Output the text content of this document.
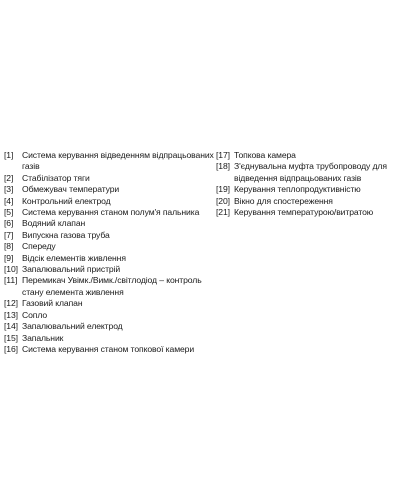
[1]	Система керування відведенням відпрацьованих газів
[2]	Стабілізатор тяги
[3]	Обмежувач температури
[4]	Контрольний електрод
[5]	Система керування станом полум'я пальника
[6]	Водяний клапан
[7]	Випускна газова труба
[8]	Спереду
[9]	Відсік елементів живлення
[10] Запалювальний пристрій
[11] Перемикач Увімк./Вимк./світлодіод – контроль стану елемента живлення
[12] Газовий клапан
[13] Сопло
[14] Запалювальний електрод
[15] Запальник
[16] Система керування станом топкової камери
[17] Топкова камера
[18] З'єднувальна муфта трубопроводу для відведення відпрацьованих газів
[19] Керування теплопродуктивністю
[20] Вікно для спостереження
[21] Керування температурою/витратою
